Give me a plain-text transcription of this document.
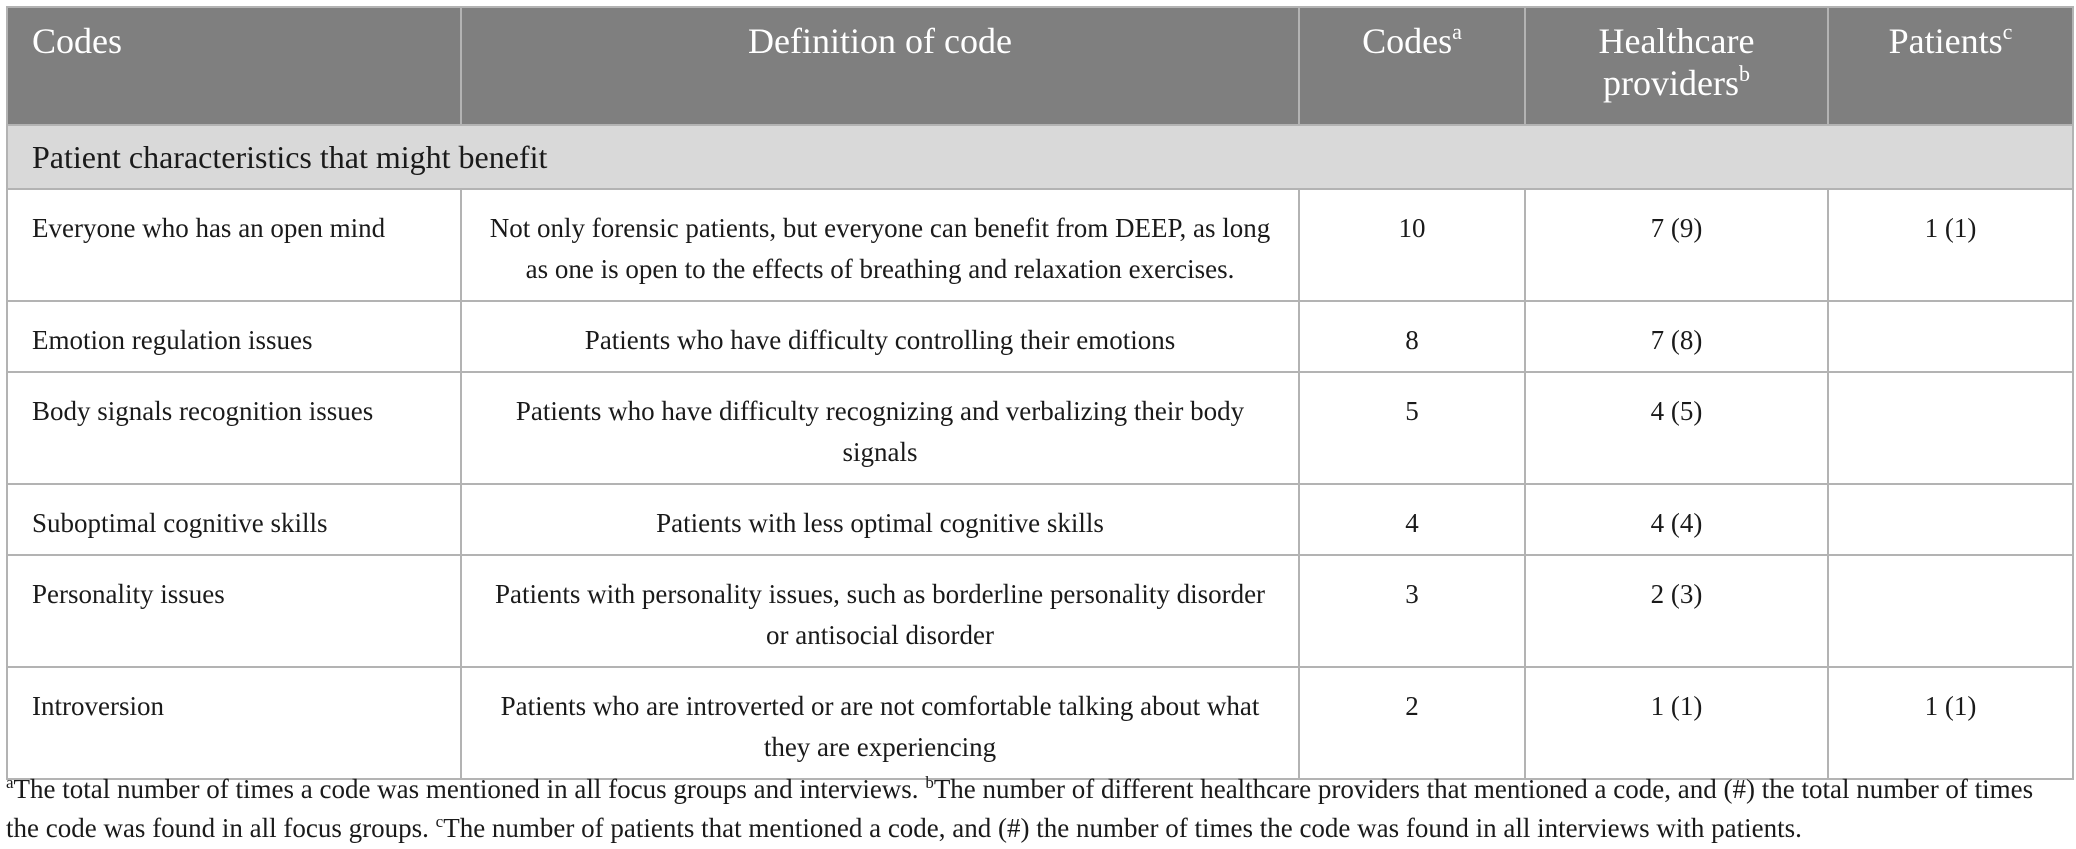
Codes	Definition of code	Codes$^a$	Healthcare providers$^b$	Patients$^c$
Patient characteristics that might benefit				
Everyone who has an open mind	Not only forensic patients, but everyone can benefit from DEEP, as long as one is open to the effects of breathing and relaxation exercises.	10	7 (9)	1 (1)
Emotion regulation issues	Patients who have difficulty controlling their emotions	8	7 (8)	
Body signals recognition issues	Patients who have difficulty recognizing and verbalizing their body signals	5	4 (5)	
Suboptimal cognitive skills	Patients with less optimal cognitive skills	4	4 (4)	
Personality issues	Patients with personality issues, such as borderline personality disorder or antisocial disorder	3	2 (3)	
Introversion	Patients who are introverted or are not comfortable talking about what they are experiencing	2	1 (1)	1 (1)
$^a$The total number of times a code was mentioned in all focus groups and interviews. $^b$The number of different healthcare providers that mentioned a code, and (#) the total number of times the code was found in all focus groups. $^c$The number of patients that mentioned a code, and (#) the number of times the code was found in all interviews with patients.
